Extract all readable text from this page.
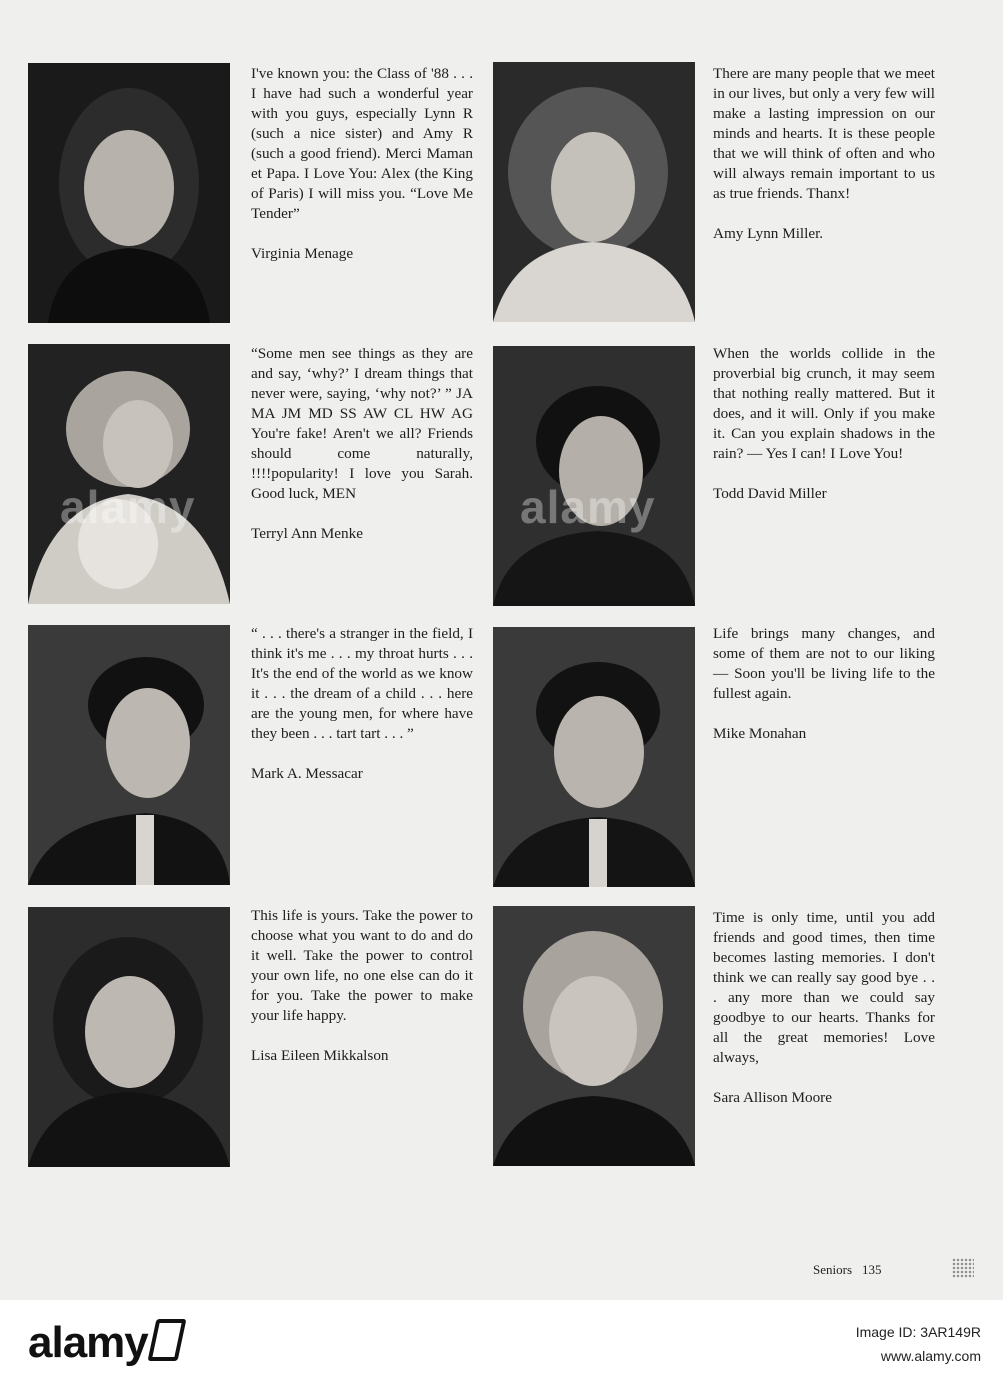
I've known you: the Class of '88 . . . I have had such a wonderful year with you guys, especially Lynn R (such a nice sister) and Amy R (such a good friend). Merci Maman et Papa. I Love You: Alex (the King of Paris) I will miss you. “Love Me Tender”
Virginia Menage
There are many people that we meet in our lives, but only a very few will make a lasting impression on our minds and hearts. It is these people that we will think of often and who will always remain important to us as true friends. Thanx!
Amy Lynn Miller.
“Some men see things as they are and say, ‘why?’ I dream things that never were, saying, ‘why not?’ ” JA MA JM MD SS AW CL HW AG You're fake! Aren't we all? Friends should come naturally, !!!!popularity! I love you Sarah. Good luck, MEN
Terryl Ann Menke
When the worlds collide in the proverbial big crunch, it may seem that nothing really mattered. But it does, and it will. Only if you make it. Can you explain shadows in the rain? — Yes I can! I Love You!
Todd David Miller
“ . . . there's a stranger in the field, I think it's me . . . my throat hurts . . . It's the end of the world as we know it . . . the dream of a child . . . here are the young men, for where have they been . . . tart tart . . . ”
Mark A. Messacar
Life brings many changes, and some of them are not to our liking — Soon you'll be living life to the fullest again.
Mike Monahan
This life is yours. Take the power to choose what you want to do and do it well. Take the power to control your own life, no one else can do it for you. Take the power to make your life happy.
Lisa Eileen Mikkalson
Time is only time, until you add friends and good times, then time becomes lasting memories. I don't think we can really say good bye . . . any more than we could say goodbye to our hearts. Thanks for all the great memories! Love always,
Sara Allison Moore
alamy	alamy
Seniors 135
alamy	Image ID: 3AR149R
www.alamy.com
